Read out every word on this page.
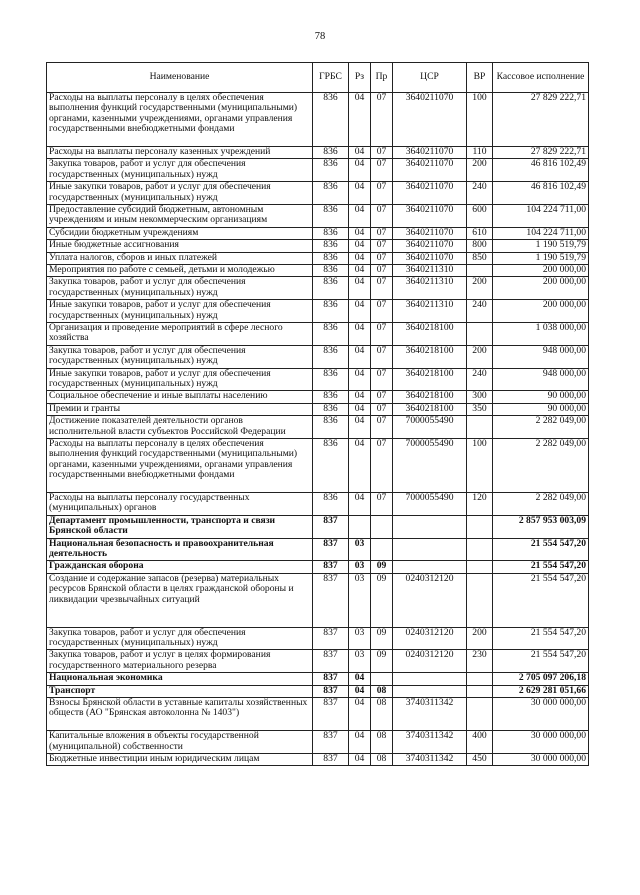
78
Наименование	ГРБС	Рз	Пр	ЦСР	ВР	Кассовое исполнение
Расходы на выплаты персоналу в целях обеспечения выполнения функций государственными (муниципальными) органами, казенными учреждениями, органами управления государственными внебюджетными фондами	836	04	07	3640211070	100	27 829 222,71
Расходы на выплаты персоналу казенных учреждений	836	04	07	3640211070	110	27 829 222,71
Закупка товаров, работ и услуг для обеспечения государственных (муниципальных) нужд	836	04	07	3640211070	200	46 816 102,49
Иные закупки товаров, работ и услуг для обеспечения государственных (муниципальных) нужд	836	04	07	3640211070	240	46 816 102,49
Предоставление субсидий бюджетным, автономным учреждениям и иным некоммерческим организациям	836	04	07	3640211070	600	104 224 711,00
Субсидии бюджетным учреждениям	836	04	07	3640211070	610	104 224 711,00
Иные бюджетные ассигнования	836	04	07	3640211070	800	1 190 519,79
Уплата налогов, сборов и иных платежей	836	04	07	3640211070	850	1 190 519,79
Мероприятия по работе с семьей, детьми и молодежью	836	04	07	3640211310		200 000,00
Закупка товаров, работ и услуг для обеспечения государственных (муниципальных) нужд	836	04	07	3640211310	200	200 000,00
Иные закупки товаров, работ и услуг для обеспечения государственных (муниципальных) нужд	836	04	07	3640211310	240	200 000,00
Организация и проведение мероприятий в сфере лесного хозяйства	836	04	07	3640218100		1 038 000,00
Закупка товаров, работ и услуг для обеспечения государственных (муниципальных) нужд	836	04	07	3640218100	200	948 000,00
Иные закупки товаров, работ и услуг для обеспечения государственных (муниципальных) нужд	836	04	07	3640218100	240	948 000,00
Социальное обеспечение и иные выплаты населению	836	04	07	3640218100	300	90 000,00
Премии и гранты	836	04	07	3640218100	350	90 000,00
Достижение показателей деятельности органов исполнительной власти субъектов Российской Федерации	836	04	07	7000055490		2 282 049,00
Расходы на выплаты персоналу в целях обеспечения выполнения функций государственными (муниципальными) органами, казенными учреждениями, органами управления государственными внебюджетными фондами	836	04	07	7000055490	100	2 282 049,00
Расходы на выплаты персоналу государственных (муниципальных) органов	836	04	07	7000055490	120	2 282 049,00
Департамент промышленности, транспорта и связи Брянской области	837					2 857 953 003,09
Национальная безопасность и правоохранительная деятельность	837	03				21 554 547,20
Гражданская оборона	837	03	09			21 554 547,20
Создание и содержание запасов (резерва) материальных ресурсов Брянской области в целях гражданской обороны и ликвидации чрезвычайных ситуаций	837	03	09	0240312120		21 554 547,20
Закупка товаров, работ и услуг для обеспечения государственных (муниципальных) нужд	837	03	09	0240312120	200	21 554 547,20
Закупка товаров, работ и услуг в целях формирования государственного материального резерва	837	03	09	0240312120	230	21 554 547,20
Национальная экономика	837	04				2 705 097 206,18
Транспорт	837	04	08			2 629 281 051,66
Взносы Брянской области в уставные капиталы хозяйственных обществ (АО "Брянская автоколонна № 1403")	837	04	08	3740311342		30 000 000,00
Капитальные вложения в объекты государственной (муниципальной) собственности	837	04	08	3740311342	400	30 000 000,00
Бюджетные инвестиции иным юридическим лицам	837	04	08	3740311342	450	30 000 000,00
